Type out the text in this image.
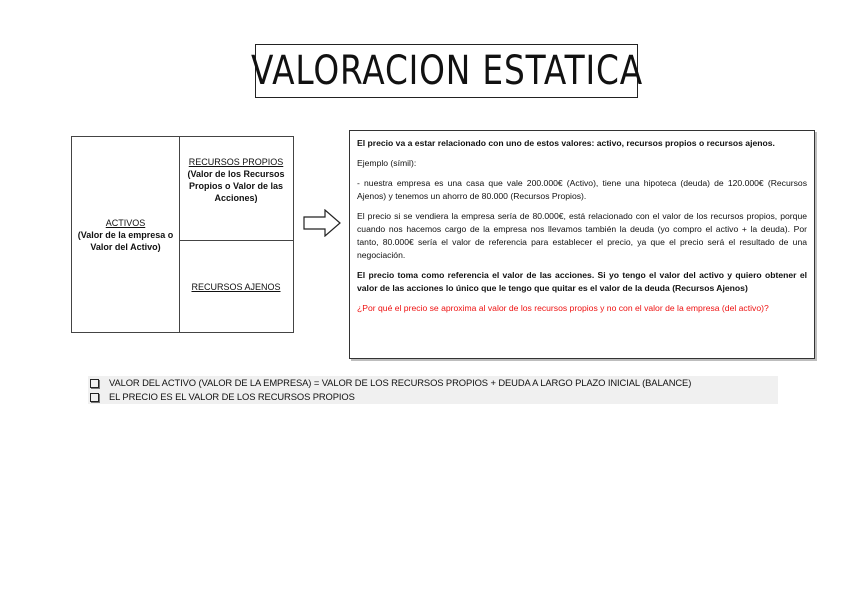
VALORACION ESTATICA
ACTIVOS
(Valor de la empresa o Valor del Activo)
RECURSOS PROPIOS
(Valor de los Recursos Propios o Valor de las Acciones)
RECURSOS AJENOS

El precio va a estar relacionado con uno de estos valores: activo, recursos propios o recursos ajenos.

Ejemplo (símil):

- nuestra empresa es una casa que vale 200.000€ (Activo), tiene una hipoteca (deuda) de 120.000€ (Recursos Ajenos) y tenemos un ahorro de 80.000 (Recursos Propios).

El precio si se vendiera la empresa sería de 80.000€, está relacionado con el valor de los recursos propios, porque cuando nos hacemos cargo de la empresa nos llevamos también la deuda (yo compro el activo + la deuda). Por tanto, 80.000€ sería el valor de referencia para establecer el precio, ya que el precio será el resultado de una negociación.

El precio toma como referencia el valor de las acciones. Si yo tengo el valor del activo y quiero obtener el valor de las acciones lo único que le tengo que quitar es el valor de la deuda (Recursos Ajenos)

¿Por qué el precio se aproxima al valor de los recursos propios y no con el valor de la empresa (del activo)?

VALOR DEL ACTIVO (VALOR DE LA EMPRESA) = VALOR DE LOS RECURSOS PROPIOS + DEUDA A LARGO PLAZO INICIAL (BALANCE)
EL PRECIO ES EL VALOR DE LOS RECURSOS PROPIOS
